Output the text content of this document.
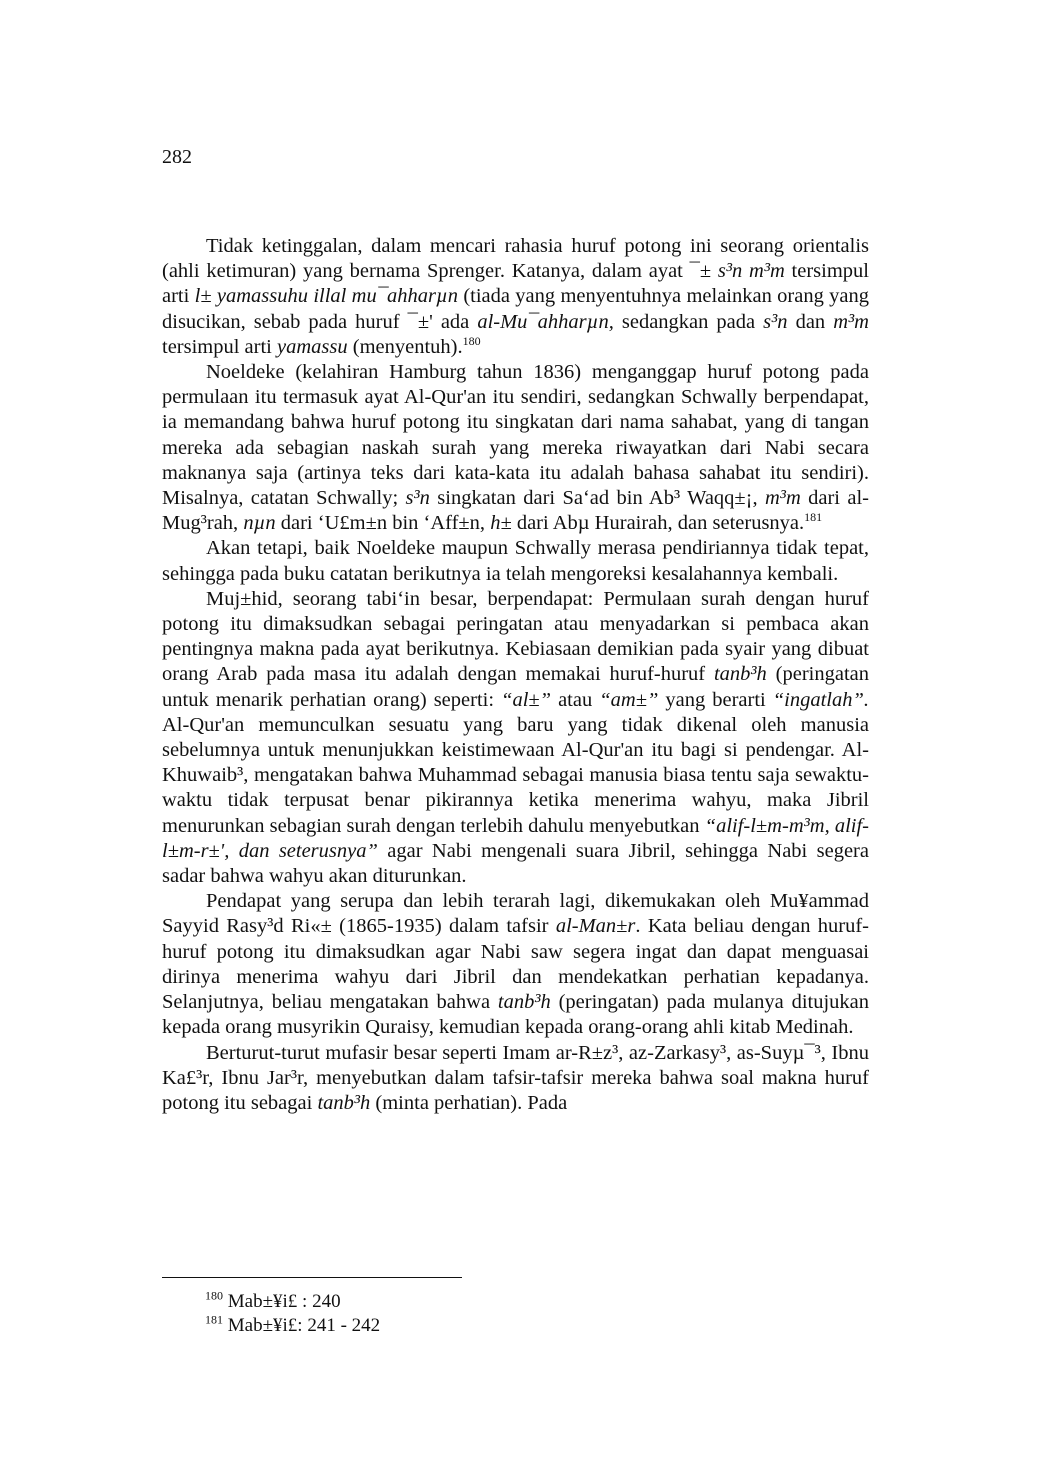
282

Tidak ketinggalan, dalam mencari rahasia huruf potong ini seorang orientalis (ahli ketimuran) yang bernama Sprenger. Katanya, dalam ayat ¯± s³n m³m tersimpul arti l± yamassuhu illal mu¯ahharµn (tiada yang menyentuhnya melainkan orang yang disucikan, sebab pada huruf ¯±' ada al-Mu¯ahharµn, sedangkan pada s³n dan m³m tersimpul arti yamassu (menyentuh).$^{180}$

Noeldeke (kelahiran Hamburg tahun 1836) menganggap huruf potong pada permulaan itu termasuk ayat Al-Qur'an itu sendiri, sedangkan Schwally berpendapat, ia memandang bahwa huruf potong itu singkatan dari nama sahabat, yang di tangan mereka ada sebagian naskah surah yang mereka riwayatkan dari Nabi secara maknanya saja (artinya teks dari kata-kata itu adalah bahasa sahabat itu sendiri). Misalnya, catatan Schwally; s³n singkatan dari Sa‘ad bin Ab³ Waqq±¡, m³m dari al-Mug³rah, nµn dari ‘U£m±n bin ‘Aff±n, h± dari Abµ Hurairah, dan seterusnya.$^{181}$

Akan tetapi, baik Noeldeke maupun Schwally merasa pendiriannya tidak tepat, sehingga pada buku catatan berikutnya ia telah mengoreksi kesalahannya kembali.

Muj±hid, seorang tabi‘in besar, berpendapat: Permulaan surah dengan huruf potong itu dimaksudkan sebagai peringatan atau menyadarkan si pembaca akan pentingnya makna pada ayat berikutnya. Kebiasaan demikian pada syair yang dibuat orang Arab pada masa itu adalah dengan memakai huruf-huruf tanb³h (peringatan untuk menarik perhatian orang) seperti: “al±” atau “am±” yang berarti “ingatlah”. Al-Qur'an memunculkan sesuatu yang baru yang tidak dikenal oleh manusia sebelumnya untuk menunjukkan keistimewaan Al-Qur'an itu bagi si pendengar. Al-Khuwaib³, mengatakan bahwa Muhammad sebagai manusia biasa tentu saja sewaktu-waktu tidak terpusat benar pikirannya ketika menerima wahyu, maka Jibril menurunkan sebagian surah dengan terlebih dahulu menyebutkan “alif-l±m-m³m, alif-l±m-r±', dan seterusnya” agar Nabi mengenali suara Jibril, sehingga Nabi segera sadar bahwa wahyu akan diturunkan.

Pendapat yang serupa dan lebih terarah lagi, dikemukakan oleh Mu¥ammad Sayyid Rasy³d Ri«± (1865-1935) dalam tafsir al-Man±r. Kata beliau dengan huruf-huruf potong itu dimaksudkan agar Nabi saw segera ingat dan dapat menguasai dirinya menerima wahyu dari Jibril dan mendekatkan perhatian kepadanya. Selanjutnya, beliau mengatakan bahwa tanb³h (peringatan) pada mulanya ditujukan kepada orang musyrikin Quraisy, kemudian kepada orang-orang ahli kitab Medinah.

Berturut-turut mufasir besar seperti Imam ar-R±z³, az-Zarkasy³, as-Suyµ¯³, Ibnu Ka£³r, Ibnu Jar³r, menyebutkan dalam tafsir-tafsir mereka bahwa soal makna huruf potong itu sebagai tanb³h (minta perhatian). Pada

$^{180}$ Mab±¥i£ : 240

$^{181}$ Mab±¥i£: 241 - 242
